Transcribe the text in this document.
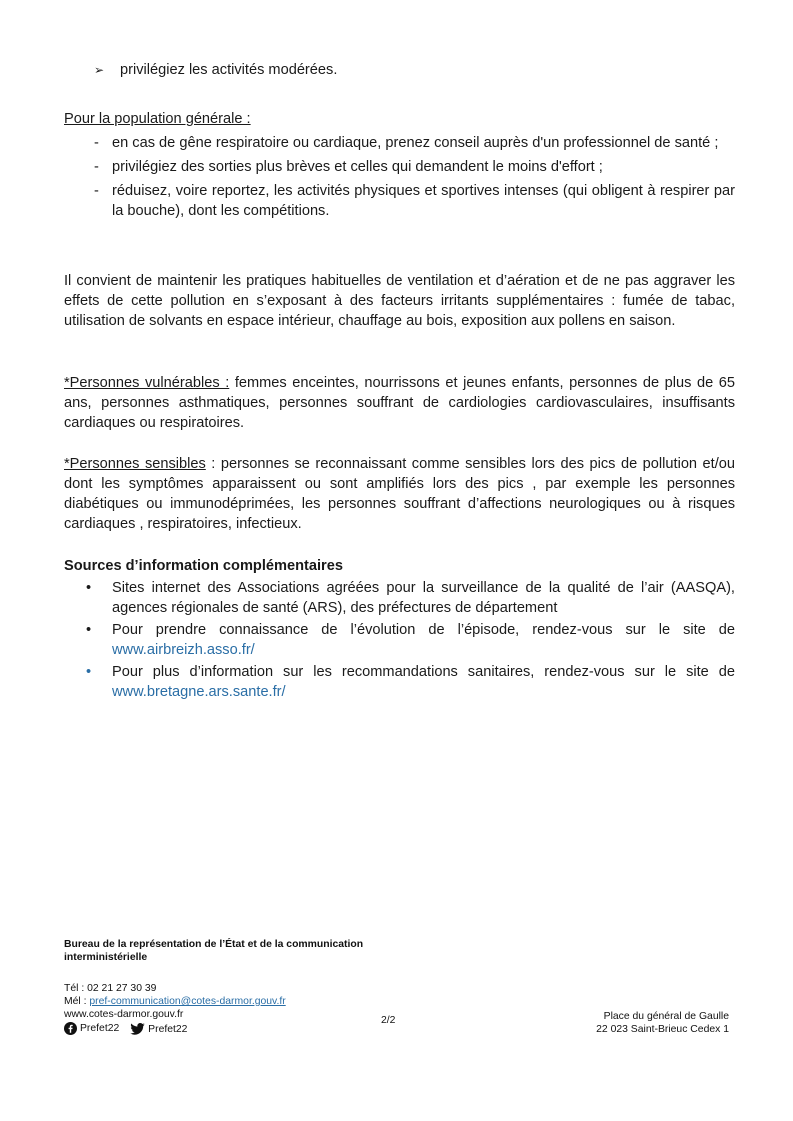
➢ privilégiez les activités modérées.

Pour la population générale :

- en cas de gêne respiratoire ou cardiaque, prenez conseil auprès d'un professionnel de santé ;
- privilégiez des sorties plus brèves et celles qui demandent le moins d'effort ;
- réduisez, voire reportez, les activités physiques et sportives intenses (qui obligent à respirer par la bouche), dont les compétitions.

Il convient de maintenir les pratiques habituelles de ventilation et d’aération et de ne pas aggraver les effets de cette pollution en s’exposant à des facteurs irritants supplémentaires : fumée de tabac, utilisation de solvants en espace intérieur, chauffage au bois, exposition aux pollens en saison.

*Personnes vulnérables : femmes enceintes, nourrissons et jeunes enfants, personnes de plus de 65 ans, personnes asthmatiques, personnes souffrant de cardiologies cardiovasculaires, insuffisants cardiaques ou respiratoires.

*Personnes sensibles : personnes se reconnaissant comme sensibles lors des pics de pollution et/ou dont les symptômes apparaissent ou sont amplifiés lors des pics , par exemple les personnes diabétiques ou immunodéprimées, les personnes souffrant d’affections neurologiques ou à risques cardiaques , respiratoires, infectieux.

Sources d’information complémentaires

• Sites internet des Associations agréées pour la surveillance de la qualité de l’air (AASQA), agences régionales de santé (ARS), des préfectures de département
• Pour prendre connaissance de l’évolution de l’épisode, rendez-vous sur le site de www.airbreizh.asso.fr/
• Pour plus d’information sur les recommandations sanitaires, rendez-vous sur le site de www.bretagne.ars.sante.fr/
Bureau de la représentation de l’État et de la communication
interministérielle
Tél : 02 21 27 30 39
Mél : pref-communication@cotes-darmor.gouv.fr
www.cotes-darmor.gouv.fr
Prefet22
	Prefet22
2/2	Place du général de Gaulle
22 023 Saint-Brieuc Cedex 1
